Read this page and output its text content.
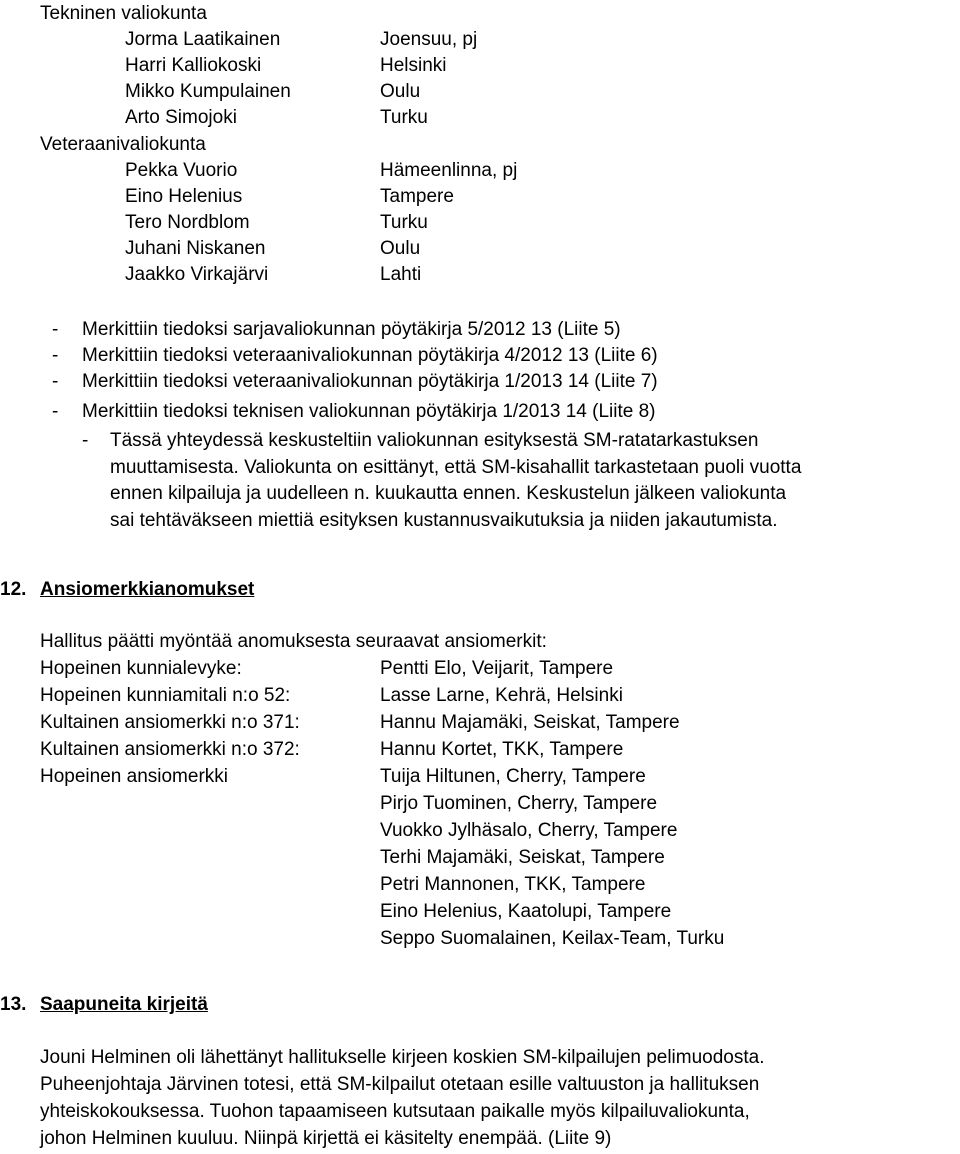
Tekninen valiokunta
Jorma Laatikainen	Joensuu, pj
Harri Kalliokoski	Helsinki
Mikko Kumpulainen	Oulu
Arto Simojoki	Turku
Veteraanivaliokunta
Pekka Vuorio	Hämeenlinna, pj
Eino Helenius	Tampere
Tero Nordblom	Turku
Juhani Niskanen	Oulu
Jaakko Virkajärvi	Lahti
- Merkittiin tiedoksi sarjavaliokunnan pöytäkirja 5/2012 13 (Liite 5)
- Merkittiin tiedoksi veteraanivaliokunnan pöytäkirja 4/2012 13 (Liite 6)
- Merkittiin tiedoksi veteraanivaliokunnan pöytäkirja 1/2013 14 (Liite 7)
- Merkittiin tiedoksi teknisen valiokunnan pöytäkirja 1/2013 14 (Liite 8)
- Tässä yhteydessä keskusteltiin valiokunnan esityksestä SM-ratatarkastuksen
muuttamisesta. Valiokunta on esittänyt, että SM-kisahallit tarkastetaan puoli vuotta
ennen kilpailuja ja uudelleen n. kuukautta ennen. Keskustelun jälkeen valiokunta
sai tehtäväkseen miettiä esityksen kustannusvaikutuksia ja niiden jakautumista.
12. Ansiomerkkianomukset
Hallitus päätti myöntää anomuksesta seuraavat ansiomerkit:
Hopeinen kunnialevyke:	Pentti Elo, Veijarit, Tampere
Hopeinen kunniamitali n:o 52:	Lasse Larne, Kehrä, Helsinki
Kultainen ansiomerkki n:o 371:	Hannu Majamäki, Seiskat, Tampere
Kultainen ansiomerkki n:o 372:	Hannu Kortet, TKK, Tampere
Hopeinen ansiomerkki	Tuija Hiltunen, Cherry, Tampere
Pirjo Tuominen, Cherry, Tampere
Vuokko Jylhäsalo, Cherry, Tampere
Terhi Majamäki, Seiskat, Tampere
Petri Mannonen, TKK, Tampere
Eino Helenius, Kaatolupi, Tampere
Seppo Suomalainen, Keilax-Team, Turku
13. Saapuneita kirjeitä
Jouni Helminen oli lähettänyt hallitukselle kirjeen koskien SM-kilpailujen pelimuodosta.
Puheenjohtaja Järvinen totesi, että SM-kilpailut otetaan esille valtuuston ja hallituksen
yhteiskokouksessa. Tuohon tapaamiseen kutsutaan paikalle myös kilpailuvaliokunta,
johon Helminen kuuluu. Niinpä kirjettä ei käsitelty enempää. (Liite 9)
